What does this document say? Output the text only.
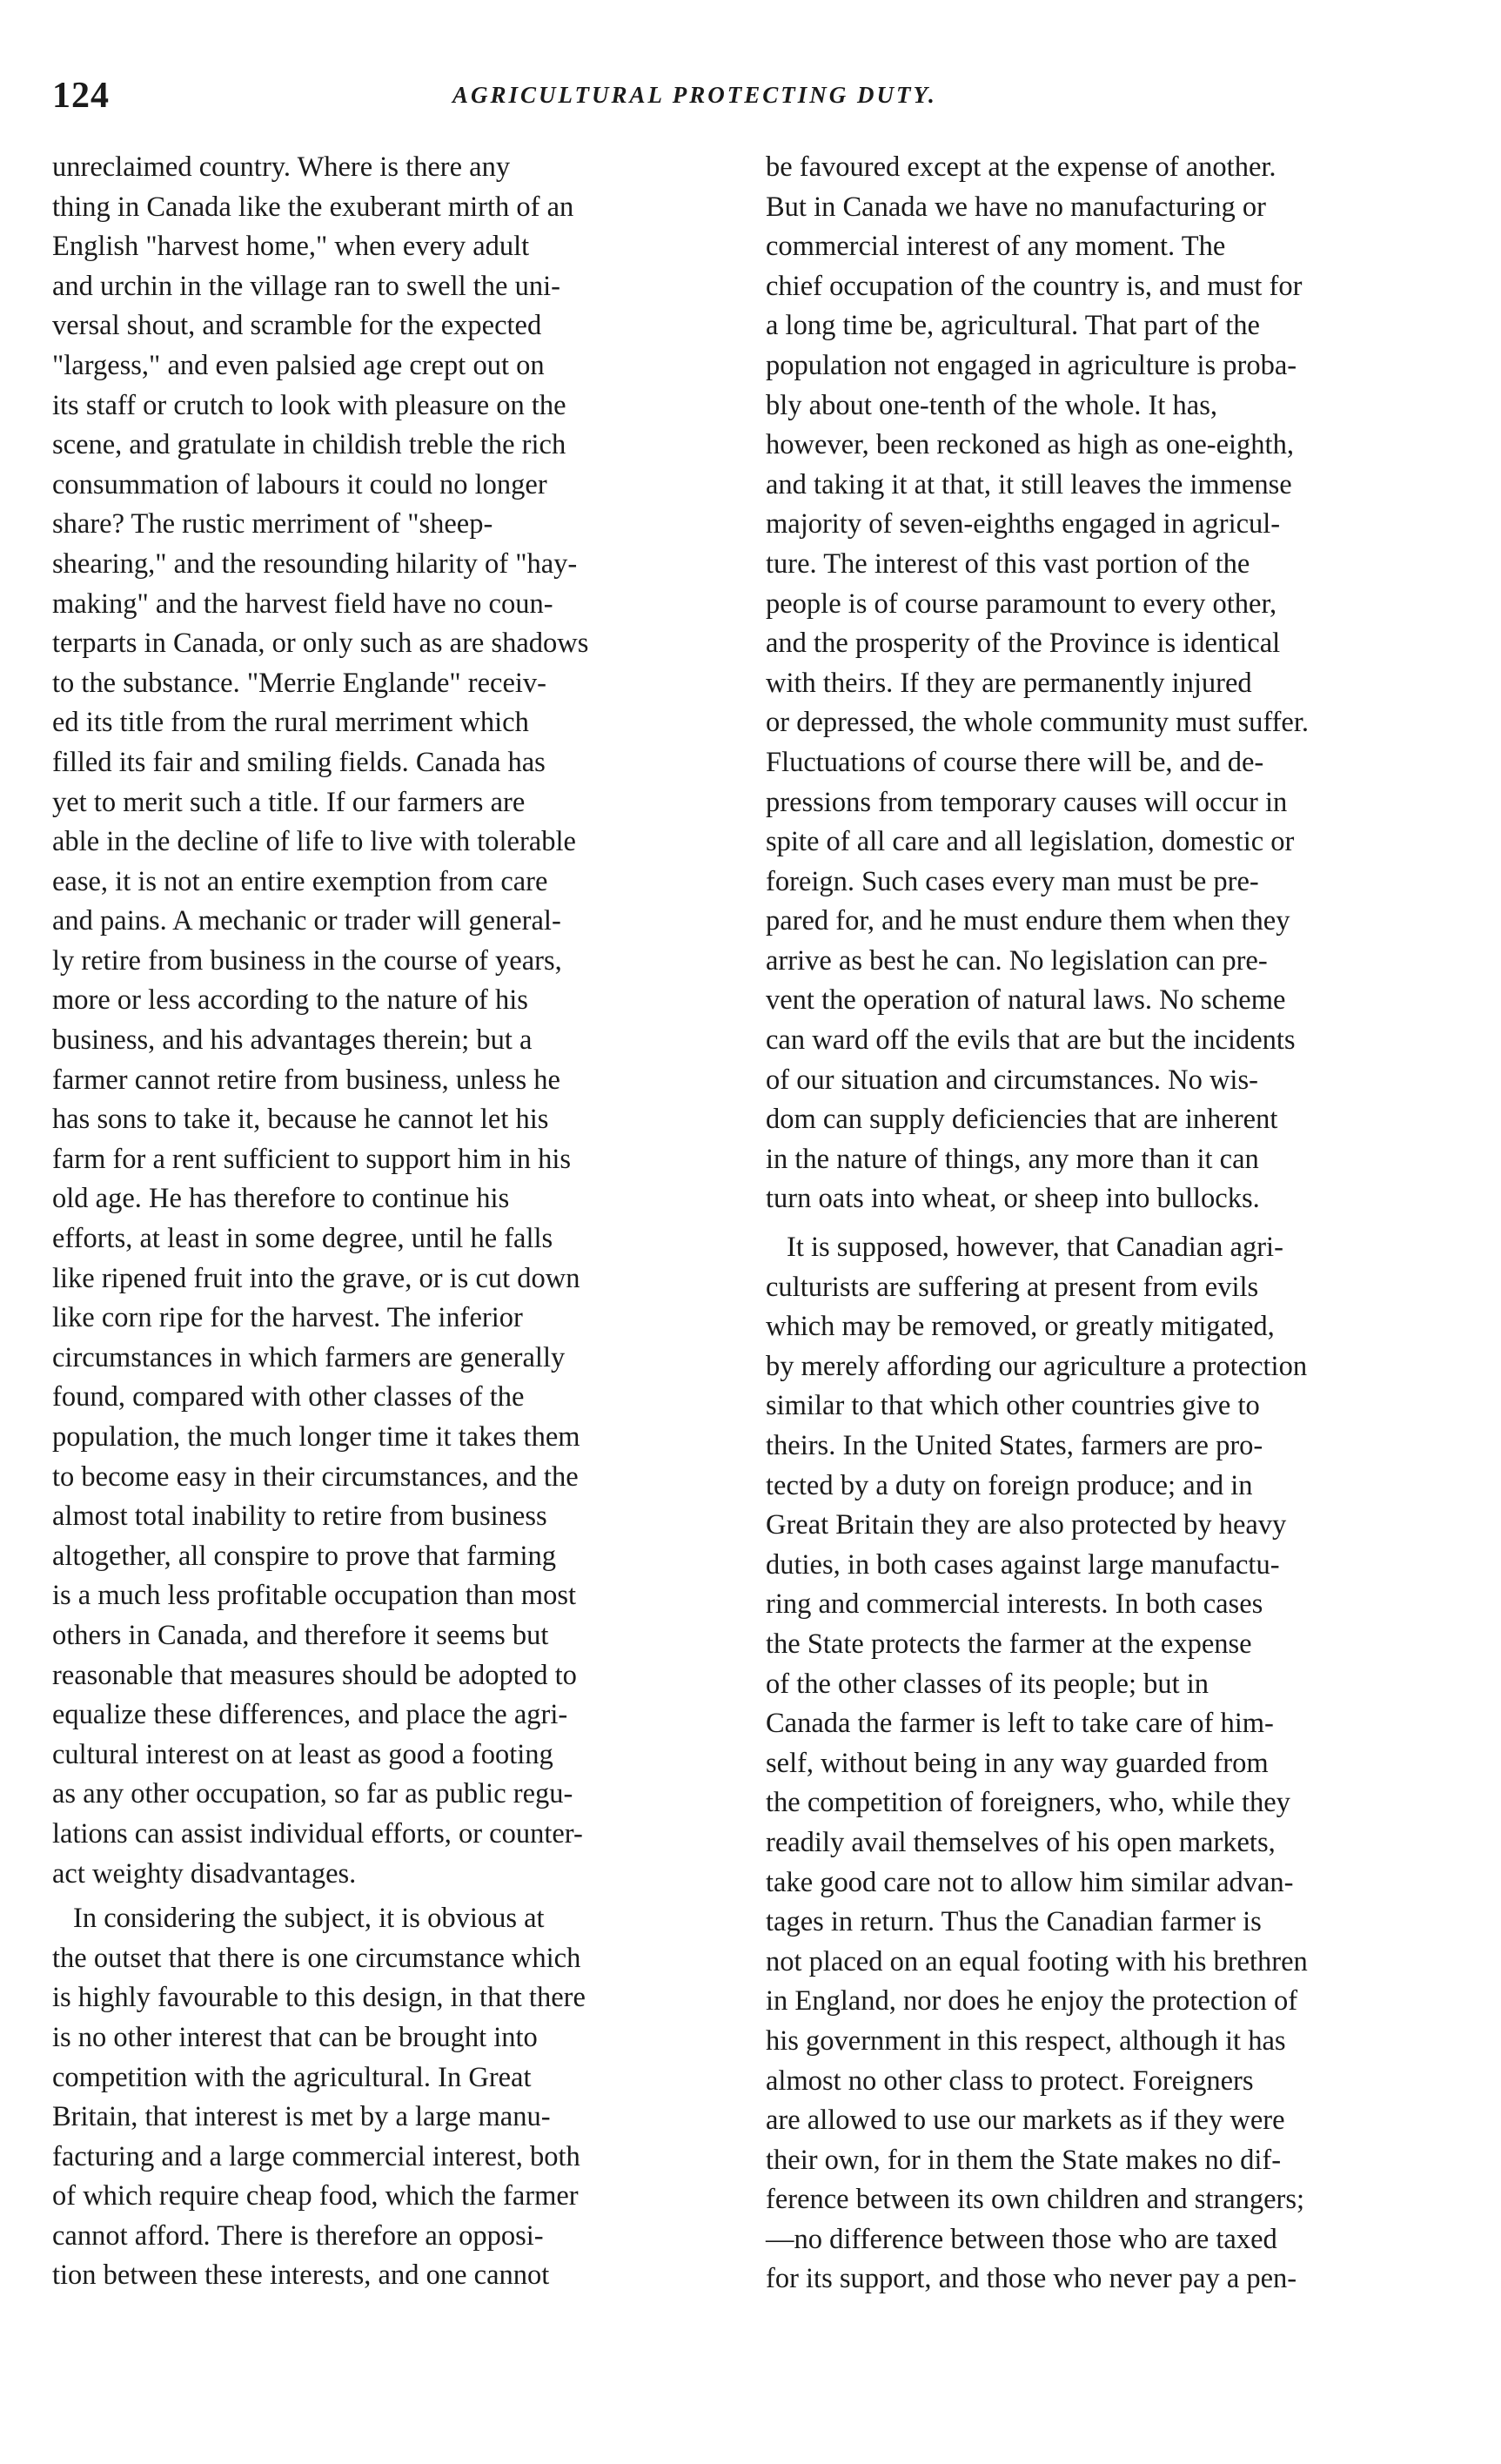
124	AGRICULTURAL PROTECTING DUTY.
unreclaimed country. Where is there any
thing in Canada like the exuberant mirth of an
English "harvest home," when every adult
and urchin in the village ran to swell the uni-
versal shout, and scramble for the expected
"largess," and even palsied age crept out on
its staff or crutch to look with pleasure on the
scene, and gratulate in childish treble the rich
consummation of labours it could no longer
share? The rustic merriment of "sheep-
shearing," and the resounding hilarity of "hay-
making" and the harvest field have no coun-
terparts in Canada, or only such as are shadows
to the substance. "Merrie Englande" receiv-
ed its title from the rural merriment which
filled its fair and smiling fields. Canada has
yet to merit such a title. If our farmers are
able in the decline of life to live with tolerable
ease, it is not an entire exemption from care
and pains. A mechanic or trader will general-
ly retire from business in the course of years,
more or less according to the nature of his
business, and his advantages therein; but a
farmer cannot retire from business, unless he
has sons to take it, because he cannot let his
farm for a rent sufficient to support him in his
old age. He has therefore to continue his
efforts, at least in some degree, until he falls
like ripened fruit into the grave, or is cut down
like corn ripe for the harvest. The inferior
circumstances in which farmers are generally
found, compared with other classes of the
population, the much longer time it takes them
to become easy in their circumstances, and the
almost total inability to retire from business
altogether, all conspire to prove that farming
is a much less profitable occupation than most
others in Canada, and therefore it seems but
reasonable that measures should be adopted to
equalize these differences, and place the agri-
cultural interest on at least as good a footing
as any other occupation, so far as public regu-
lations can assist individual efforts, or counter-
act weighty disadvantages.
In considering the subject, it is obvious at
the outset that there is one circumstance which
is highly favourable to this design, in that there
is no other interest that can be brought into
competition with the agricultural. In Great
Britain, that interest is met by a large manu-
facturing and a large commercial interest, both
of which require cheap food, which the farmer
cannot afford. There is therefore an opposi-
tion between these interests, and one cannot
be favoured except at the expense of another.
But in Canada we have no manufacturing or
commercial interest of any moment. The
chief occupation of the country is, and must for
a long time be, agricultural. That part of the
population not engaged in agriculture is proba-
bly about one-tenth of the whole. It has,
however, been reckoned as high as one-eighth,
and taking it at that, it still leaves the immense
majority of seven-eighths engaged in agricul-
ture. The interest of this vast portion of the
people is of course paramount to every other,
and the prosperity of the Province is identical
with theirs. If they are permanently injured
or depressed, the whole community must suffer.
Fluctuations of course there will be, and de-
pressions from temporary causes will occur in
spite of all care and all legislation, domestic or
foreign. Such cases every man must be pre-
pared for, and he must endure them when they
arrive as best he can. No legislation can pre-
vent the operation of natural laws. No scheme
can ward off the evils that are but the incidents
of our situation and circumstances. No wis-
dom can supply deficiencies that are inherent
in the nature of things, any more than it can
turn oats into wheat, or sheep into bullocks.
It is supposed, however, that Canadian agri-
culturists are suffering at present from evils
which may be removed, or greatly mitigated,
by merely affording our agriculture a protection
similar to that which other countries give to
theirs. In the United States, farmers are pro-
tected by a duty on foreign produce; and in
Great Britain they are also protected by heavy
duties, in both cases against large manufactu-
ring and commercial interests. In both cases
the State protects the farmer at the expense
of the other classes of its people; but in
Canada the farmer is left to take care of him-
self, without being in any way guarded from
the competition of foreigners, who, while they
readily avail themselves of his open markets,
take good care not to allow him similar advan-
tages in return. Thus the Canadian farmer is
not placed on an equal footing with his brethren
in England, nor does he enjoy the protection of
his government in this respect, although it has
almost no other class to protect. Foreigners
are allowed to use our markets as if they were
their own, for in them the State makes no dif-
ference between its own children and strangers;
—no difference between those who are taxed
for its support, and those who never pay a pen-
